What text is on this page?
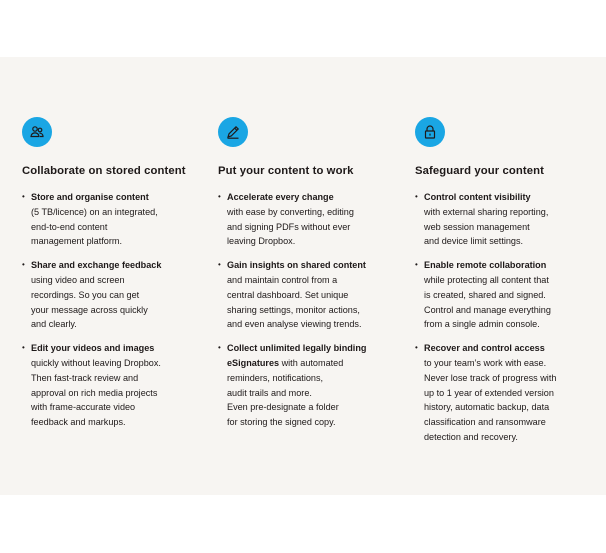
Collaborate on stored content
• Store and organise content
(5 TB/licence) on an integrated,
end-to-end content
management platform.
• Share and exchange feedback
using video and screen
recordings. So you can get
your message across quickly
and clearly.
• Edit your videos and images
quickly without leaving Dropbox.
Then fast-track review and
approval on rich media projects
with frame-accurate video
feedback and markups.
Put your content to work
• Accelerate every change
with ease by converting, editing
and signing PDFs without ever
leaving Dropbox.
• Gain insights on shared content
and maintain control from a
central dashboard. Set unique
sharing settings, monitor actions,
and even analyse viewing trends.
• Collect unlimited legally binding
eSignatures with automated
reminders, notifications,
audit trails and more.
Even pre-designate a folder
for storing the signed copy.
Safeguard your content
• Control content visibility
with external sharing reporting,
web session management
and device limit settings.
• Enable remote collaboration
while protecting all content that
is created, shared and signed.
Control and manage everything
from a single admin console.
• Recover and control access
to your team’s work with ease.
Never lose track of progress with
up to 1 year of extended version
history, automatic backup, data
classification and ransomware
detection and recovery.
